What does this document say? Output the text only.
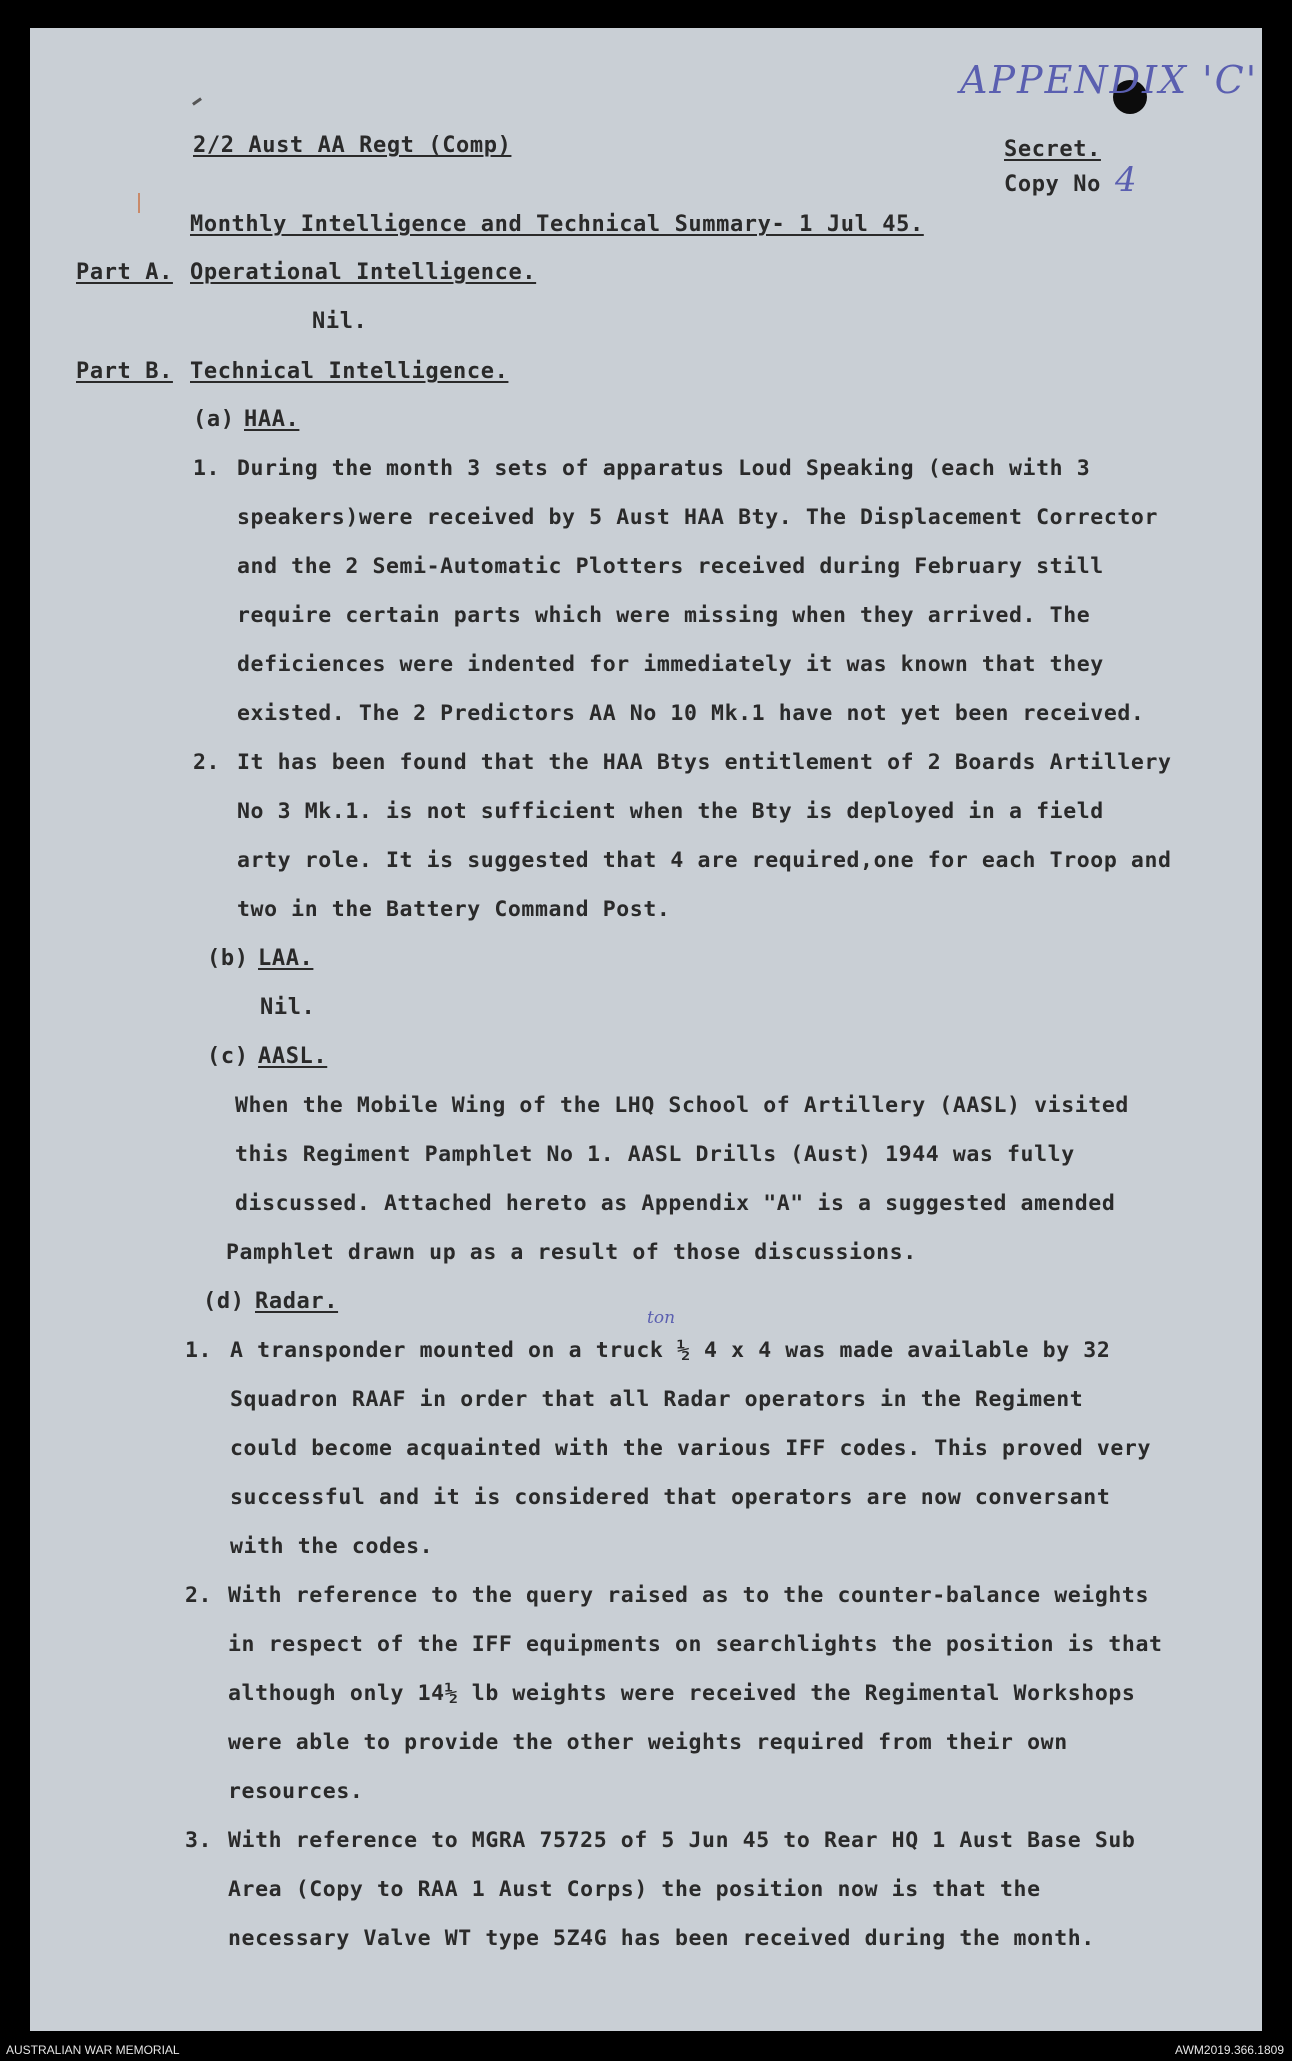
2/2 Aust AA Regt (Comp)	Secret.
Copy No 4
APPENDIX 'C'
Monthly Intelligence and Technical Summary- 1 Jul 45.
Part A. Operational Intelligence.
Nil.
Part B. Technical Intelligence.
(a) HAA.
1. During the month 3 sets of apparatus Loud Speaking (each with 3
speakers)were received by 5 Aust HAA Bty. The Displacement Corrector
and the 2 Semi-Automatic Plotters received during February still
require certain parts which were missing when they arrived. The
deficiences were indented for immediately it was known that they
existed. The 2 Predictors AA No 10 Mk.1 have not yet been received.
2. It has been found that the HAA Btys entitlement of 2 Boards Artillery
No 3 Mk.1. is not sufficient when the Bty is deployed in a field
arty role. It is suggested that 4 are required,one for each Troop and
two in the Battery Command Post.
(b) LAA.
Nil.
(c) AASL.
When the Mobile Wing of the LHQ School of Artillery (AASL) visited
this Regiment Pamphlet No 1. AASL Drills (Aust) 1944 was fully
discussed. Attached hereto as Appendix "A" is a suggested amended
Pamphlet drawn up as a result of those discussions.
(d) Radar.
1.
ton
A transponder mounted on a truck ½ 4 x 4 was made available by 32
Squadron RAAF in order that all Radar operators in the Regiment
could become acquainted with the various IFF codes. This proved very
successful and it is considered that operators are now conversant
with the codes.
2. With reference to the query raised as to the counter-balance weights
in respect of the IFF equipments on searchlights the position is that
although only 14½ lb weights were received the Regimental Workshops
were able to provide the other weights required from their own
resources.
3. With reference to MGRA 75725 of 5 Jun 45 to Rear HQ 1 Aust Base Sub
Area (Copy to RAA 1 Aust Corps) the position now is that the
necessary Valve WT type 5Z4G has been received during the month.
AUSTRALIAN WAR MEMORIAL	AWM2019.366.1809
